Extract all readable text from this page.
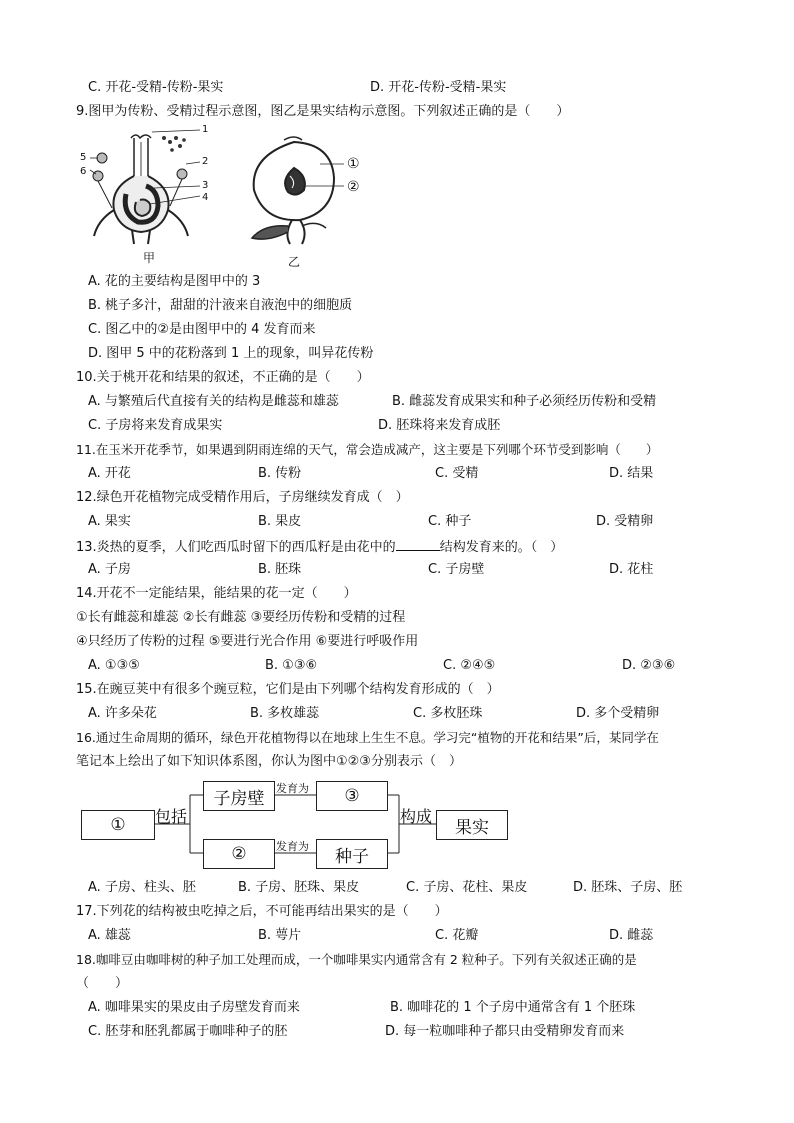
C. 开花-受精-传粉-果实	D. 开花-传粉-受精-果实
9.图甲为传粉、受精过程示意图，图乙是果实结构示意图。下列叙述正确的是（　　）
1
2
3
4
5
6
甲
①
②
乙
A. 花的主要结构是图甲中的 3
B. 桃子多汁，甜甜的汁液来自液泡中的细胞质
C. 图乙中的②是由图甲中的 4 发育而来
D. 图甲 5 中的花粉落到 1 上的现象，叫异花传粉
10.关于桃开花和结果的叙述，不正确的是（　　）
A. 与繁殖后代直接有关的结构是雌蕊和雄蕊	B. 雌蕊发育成果实和种子必须经历传粉和受精
C. 子房将来发育成果实	D. 胚珠将来发育成胚
11.在玉米开花季节，如果遇到阴雨连绵的天气，常会造成减产，这主要是下列哪个环节受到影响（　　）
A. 开花	B. 传粉	C. 受精	D. 结果
12.绿色开花植物完成受精作用后，子房继续发育成（　）
A. 果实	B. 果皮	C. 种子	D. 受精卵
13.炎热的夏季，人们吃西瓜时留下的西瓜籽是由花中的	结构发育来的。（　）
A. 子房	B. 胚珠	C. 子房壁	D. 花柱
14.开花不一定能结果，能结果的花一定（　　）
①长有雌蕊和雄蕊 ②长有雌蕊 ③要经历传粉和受精的过程
④只经历了传粉的过程 ⑤要进行光合作用 ⑥要进行呼吸作用
A. ①③⑤	B. ①③⑥	C. ②④⑤	D. ②③⑥
15.在豌豆荚中有很多个豌豆粒，它们是由下列哪个结构发育形成的（　）
A. 许多朵花	B. 多枚雄蕊	C. 多枚胚珠	D. 多个受精卵
16.通过生命周期的循环，绿色开花植物得以在地球上生生不息。学习完“植物的开花和结果”后，某同学在
笔记本上绘出了如下知识体系图，你认为图中①②③分别表示（　）
①	包括
子房壁
②
发育为
发育为
③
种子
构成
果实
A. 子房、柱头、胚	B. 子房、胚珠、果皮	C. 子房、花柱、果皮	D. 胚珠、子房、胚
17.下列花的结构被虫吃掉之后，不可能再结出果实的是（　　）
A. 雄蕊	B. 萼片	C. 花瓣	D. 雌蕊
18.咖啡豆由咖啡树的种子加工处理而成，一个咖啡果实内通常含有 2 粒种子。下列有关叙述正确的是
（　　）
A. 咖啡果实的果皮由子房壁发育而来	B. 咖啡花的 1 个子房中通常含有 1 个胚珠
C. 胚芽和胚乳都属于咖啡种子的胚	D. 每一粒咖啡种子都只由受精卵发育而来
